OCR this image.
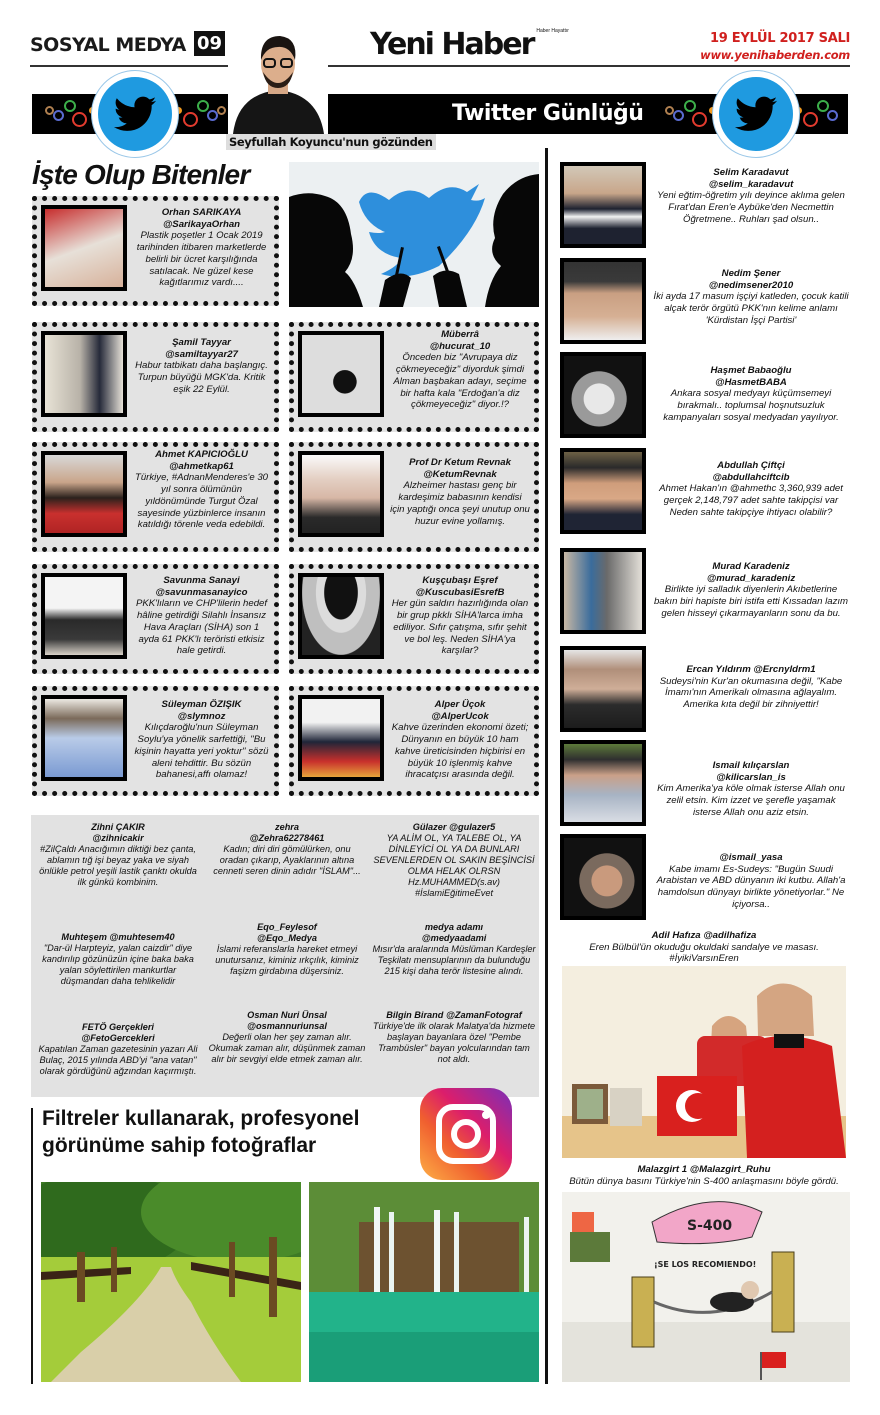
SOSYAL MEDYA 09	Yeni Haber Haber Hayattır	19 EYLÜL 2017 SALI
www.yenihaberden.com
Twitter Günlüğü
Seyfullah Koyuncu'nun gözünden
İşte Olup Bitenler
Orhan SARIKAYA
@SarikayaOrhan
Plastik poşetler 1 Ocak 2019 tarihinden itibaren marketlerde belirli bir ücret karşılığında satılacak. Ne güzel kese kağıtlarımız vardı....
Şamil Tayyar
@samiltayyar27
Habur tatbikatı daha başlangıç. Turpun büyüğü MGK'da. Kritik eşik 22 Eylül.
Müberrâ
@hucurat_10
Önceden biz "Avrupaya diz çökmeyeceğiz" diyorduk şimdi Alman başbakan adayı, seçime bir hafta kala "Erdoğan'a diz çökmeyeceğiz" diyor.!?
Ahmet KAPICIOĞLU
@ahmetkap61
Türkiye, #AdnanMenderes'e 30 yıl sonra ölümünün yıldönümünde Turgut Özal sayesinde yüzbinlerce insanın katıldığı törenle veda edebildi.
Prof Dr Ketum Revnak
@KetumRevnak
Alzheimer hastası genç bir kardeşimiz babasının kendisi için yaptığı onca şeyi unutup onu huzur evine yollamış.
Savunma Sanayi
@savunmasanayico
PKK'lıların ve CHP'lilerin hedef hâline getirdiği Silahlı İnsansız Hava Araçları (SİHA) son 1 ayda 61 PKK'lı teröristi etkisiz hale getirdi.
Kuşçubaşı Eşref
@KuscubasiEsrefB
Her gün saldırı hazırlığında olan bir grup pkklı SİHA'larca imha ediliyor. Sıfır çatışma, sıfır şehit ve bol leş. Neden SİHA'ya karşılar?
Süleyman ÖZIŞIK
@slymnoz
Kılıçdaroğlu'nun Süleyman Soylu'ya yönelik sarfettiği, "Bu kişinin hayatta yeri yoktur" sözü aleni tehdittir. Bu sözün bahanesi,affı olamaz!
Alper Üçok
@AlperUcok
Kahve üzerinden ekonomi özeti; Dünyanın en büyük 10 ham kahve üreticisinden hiçbirisi en büyük 10 işlenmiş kahve ihracatçısı arasında değil.
Zihni ÇAKIR
@zihnicakir
#ZilÇaldı Anacığımın diktiği bez çanta, ablamın tığ işi beyaz yaka ve siyah önlükle petrol yeşili lastik çanktı okulda ilk günkü kombinim.
zehra
@Zehra62278461
Kadın; diri diri gömülürken, onu oradan çıkarıp, Ayaklarının altına cenneti seren dinin adıdır "İSLAM"...
Gülazer @gulazer5
YA ALİM OL, YA TALEBE OL, YA DİNLEYİCİ OL YA DA BUNLARI SEVENLERDEN OL SAKIN BEŞİNCİSİ OLMA HELAK OLRSN Hz.MUHAMMED(s.av) #İslamiEğitimeEvet
Muhteşem @muhtesem40
"Dar-ül Harpteyiz, yalan caizdir" diye kandırılıp gözünüzün içine baka baka yalan söylettirilen mankurtlar düşmandan daha tehlikelidir
Eqo_Feylesof
@Eqo_Medya
İslami referanslarla hareket etmeyi unutursanız, kiminiz ırkçılık, kiminiz faşizm girdabına düşersiniz.
medya adamı
@medyaadami
Mısır'da aralarında Müslüman Kardeşler Teşkilatı mensuplarının da bulunduğu 215 kişi daha terör listesine alındı.
FETÖ Gerçekleri
@FetoGercekleri
Kapatılan Zaman gazetesinin yazarı Ali Bulaç, 2015 yılında ABD'yi "ana vatan" olarak gördüğünü ağzından kaçırmıştı.
Osman Nuri Ünsal
@osmannuriunsal
Değerli olan her şey zaman alır. Okumak zaman alır, düşünmek zaman alır bir sevgiyi elde etmek zaman alır.
Bilgin Birand @ZamanFotograf
Türkiye'de ilk olarak Malatya'da hizmete başlayan bayanlara özel "Pembe Trambüsler" bayan yolcularından tam not aldı.
Filtreler kullanarak, profesyonel
görünüme sahip fotoğraflar
Selim Karadavut
@selim_karadavut
Yeni eğtim-öğretim yılı deyince aklıma gelen Fırat'dan Eren'e Aybüke'den Necmettin Öğretmene.. Ruhları şad olsun..
Nedim Şener
@nedimsener2010
İki ayda 17 masum işçiyi katleden, çocuk katili alçak terör örgütü PKK'nın kelime anlamı 'Kürdistan İşçi Partisi'
Haşmet Babaoğlu
@HasmetBABA
Ankara sosyal medyayı küçümsemeyi bırakmalı.. toplumsal hoşnutsuzluk kampanyaları sosyal medyadan yayılıyor.
Abdullah Çiftçi
@abdullahciftcib
Ahmet Hakan'ın @ahmethc 3,360,939 adet gerçek 2,148,797 adet sahte takipçisi var Neden sahte takipçiye ihtiyacı olabilir?
Murad Karadeniz
@murad_karadeniz
Birlikte iyi salladık diyenlerin Akıbetlerine bakın biri hapiste biri istifa etti Kıssadan lazım gelen hisseyi çıkarmayanların sonu da bu.
Ercan Yıldırım @Ercnyldrm1
Sudeysi'nin Kur'an okumasına değil, "Kabe İmamı'nın Amerikalı olmasına ağlayalım. Amerika kıta değil bir zihniyettir!
Ismail kılıçarslan
@kilicarslan_is
Kim Amerika'ya köle olmak isterse Allah onu zelil etsin. Kim izzet ve şerefle yaşamak isterse Allah onu aziz etsin.
@ismail_yasa
Kabe imamı Es-Sudeys: "Bugün Suudi Arabistan ve ABD dünyanın iki kutbu. Allah'a hamdolsun dünyayı birlikte yönetiyorlar." Ne içiyorsa..
Adil Hafıza @adilhafiza
Eren Bülbül'ün okuduğu okuldaki sandalye ve masası. #İyikiVarsınEren
Malazgirt 1 @Malazgirt_Ruhu
Bütün dünya basını Türkiye'nin S-400 anlaşmasını böyle gördü.
S-400
¡SE LOS RECOMIENDO!
